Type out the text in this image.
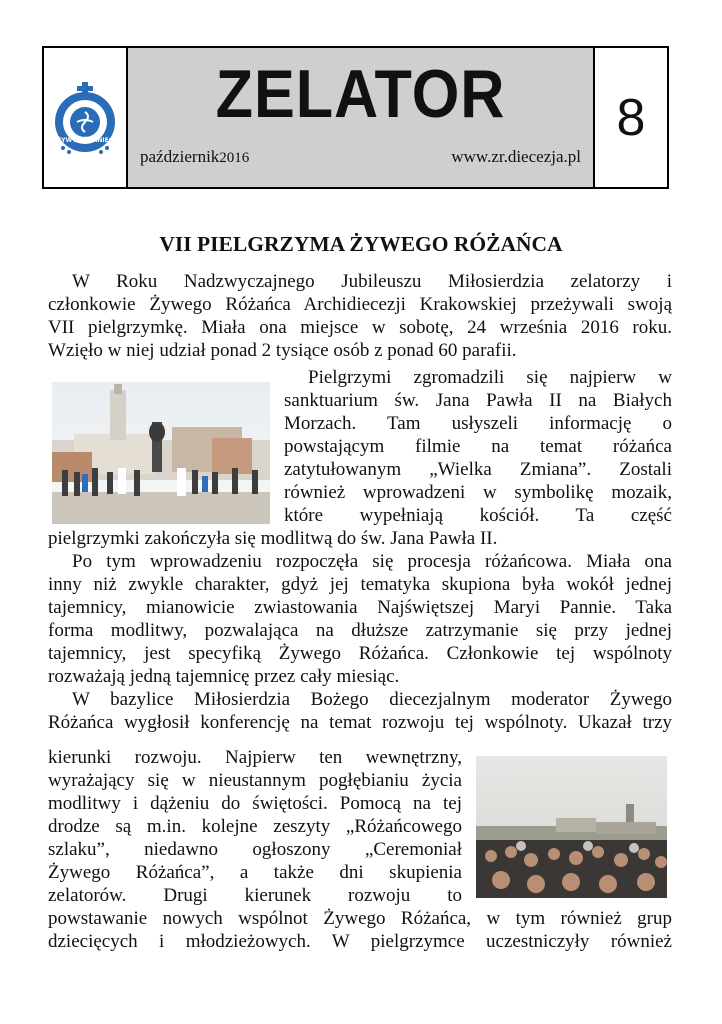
ŻYWY RÓŻANIEC
ZELATOR
październik2016	www.zr.diecezja.pl
8
VII PIELGRZYMA ŻYWEGO RÓŻAŃCA
W Roku Nadzwyczajnego Jubileuszu Miłosierdzia zelatorzy i
członkowie Żywego Różańca Archidiecezji Krakowskiej przeżywali swoją
VII pielgrzymkę. Miała ona miejsce w sobotę, 24 września 2016 roku.
Wzięło w niej udział ponad 2 tysiące osób z ponad 60 parafii.
Pielgrzymi zgromadzili się najpierw w
sanktuarium św. Jana Pawła II na Białych
Morzach. Tam usłyszeli informację o
powstającym filmie na temat różańca
zatytułowanym „Wielka Zmiana”. Zostali
również wprowadzeni w symbolikę mozaik,
które wypełniają kościół. Ta część
pielgrzymki zakończyła się modlitwą do św. Jana Pawła II.
Po tym wprowadzeniu rozpoczęła się procesja różańcowa. Miała ona
inny niż zwykle charakter, gdyż jej tematyka skupiona była wokół jednej
tajemnicy, mianowicie zwiastowania Najświętszej Maryi Pannie. Taka
forma modlitwy, pozwalająca na dłuższe zatrzymanie się przy jednej
tajemnicy, jest specyfiką Żywego Różańca. Członkowie tej wspólnoty
rozważają jedną tajemnicę przez cały miesiąc.
W bazylice Miłosierdzia Bożego diecezjalnym moderator Żywego
Różańca wygłosił konferencję na temat rozwoju tej wspólnoty. Ukazał trzy
kierunki rozwoju. Najpierw ten wewnętrzny,
wyrażający się w nieustannym pogłębianiu życia
modlitwy i dążeniu do świętości. Pomocą na tej
drodze są m.in. kolejne zeszyty „Różańcowego
szlaku”, niedawno ogłoszony „Ceremoniał
Żywego Różańca”, a także dni skupienia
zelatorów. Drugi kierunek rozwoju to
powstawanie nowych wspólnot Żywego Różańca, w tym również grup
dziecięcych i młodzieżowych. W pielgrzymce uczestniczyły również
